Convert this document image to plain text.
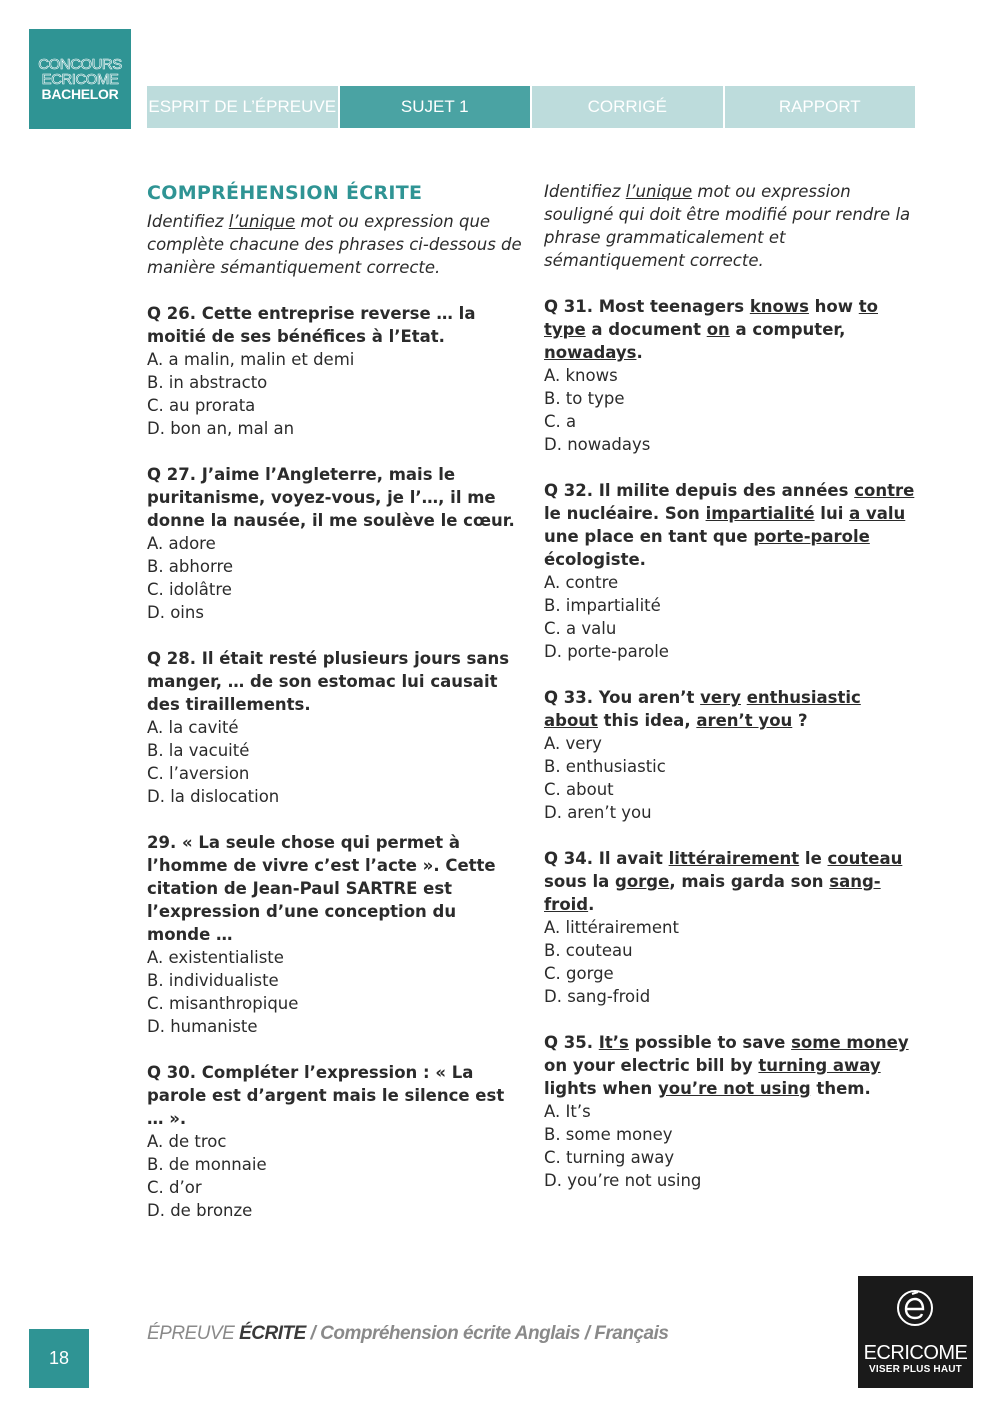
CONCOURS
ECRICOME
BACHELOR
ESPRIT DE L’ÉPREUVE	SUJET 1	CORRIGÉ	RAPPORT
COMPRÉHENSION ÉCRITE
Identifiez l’unique mot ou expression que complète chacune des phrases ci-dessous de manière sémantiquement correcte.
Q 26. Cette entreprise reverse … la moitié de ses bénéfices à l’Etat.
A. a malin, malin et demi
B. in abstracto
C. au prorata
D. bon an, mal an
Q 27. J’aime l’Angleterre, mais le puritanisme, voyez-vous, je l’…, il me donne la nausée, il me soulève le cœur.
A. adore
B. abhorre
C. idolâtre
D. oins
Q 28. Il était resté plusieurs jours sans manger, … de son estomac lui causait des tiraillements.
A. la cavité
B. la vacuité
C. l’aversion
D. la dislocation
29. « La seule chose qui permet à l’homme de vivre c’est l’acte ». Cette citation de Jean-Paul SARTRE est l’expression d’une conception du monde …
A. existentialiste
B. individualiste
C. misanthropique
D. humaniste
Q 30. Compléter l’expression : « La parole est d’argent mais le silence est … ».
A. de troc
B. de monnaie
C. d’or
D. de bronze
Identifiez l’unique mot ou expression souligné qui doit être modifié pour rendre la phrase grammaticalement et sémantiquement correcte.
Q 31. Most teenagers knows how to type a document on a computer, nowadays.
A. knows
B. to type
C. a
D. nowadays
Q 32. Il milite depuis des années contre le nucléaire. Son impartialité lui a valu une place en tant que porte-parole écologiste.
A. contre
B. impartialité
C. a valu
D. porte-parole
Q 33. You aren’t very enthusiastic about this idea, aren’t you ?
A. very
B. enthusiastic
C. about
D. aren’t you
Q 34. Il avait littérairement le couteau sous la gorge, mais garda son sang-froid.
A. littérairement
B. couteau
C. gorge
D. sang-froid
Q 35. It’s possible to save some money on your electric bill by turning away lights when you’re not using them.
A. It’s
B. some money
C. turning away
D. you’re not using
ÉPREUVE ÉCRITE / Compréhension écrite Anglais / Français
18	ECRICOME
VISER PLUS HAUT
